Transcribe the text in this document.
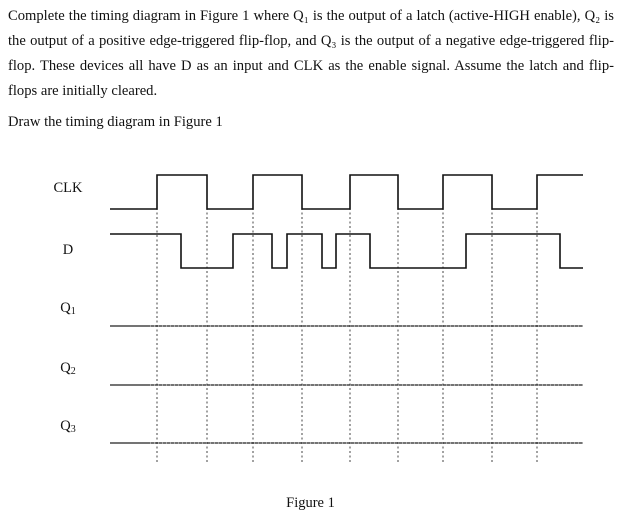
Complete the timing diagram in Figure 1 where Q₁ is the output of a latch (active-HIGH enable), Q₂ is the output of a positive edge-triggered flip-flop, and Q₃ is the output of a negative edge-triggered flip-flop. These devices all have D as an input and CLK as the enable signal. Assume the latch and flip-flops are initially cleared.

Draw the timing diagram in Figure 1
CLK
D
$Q_1$
$Q_2$
$Q_3$
Figure 1
